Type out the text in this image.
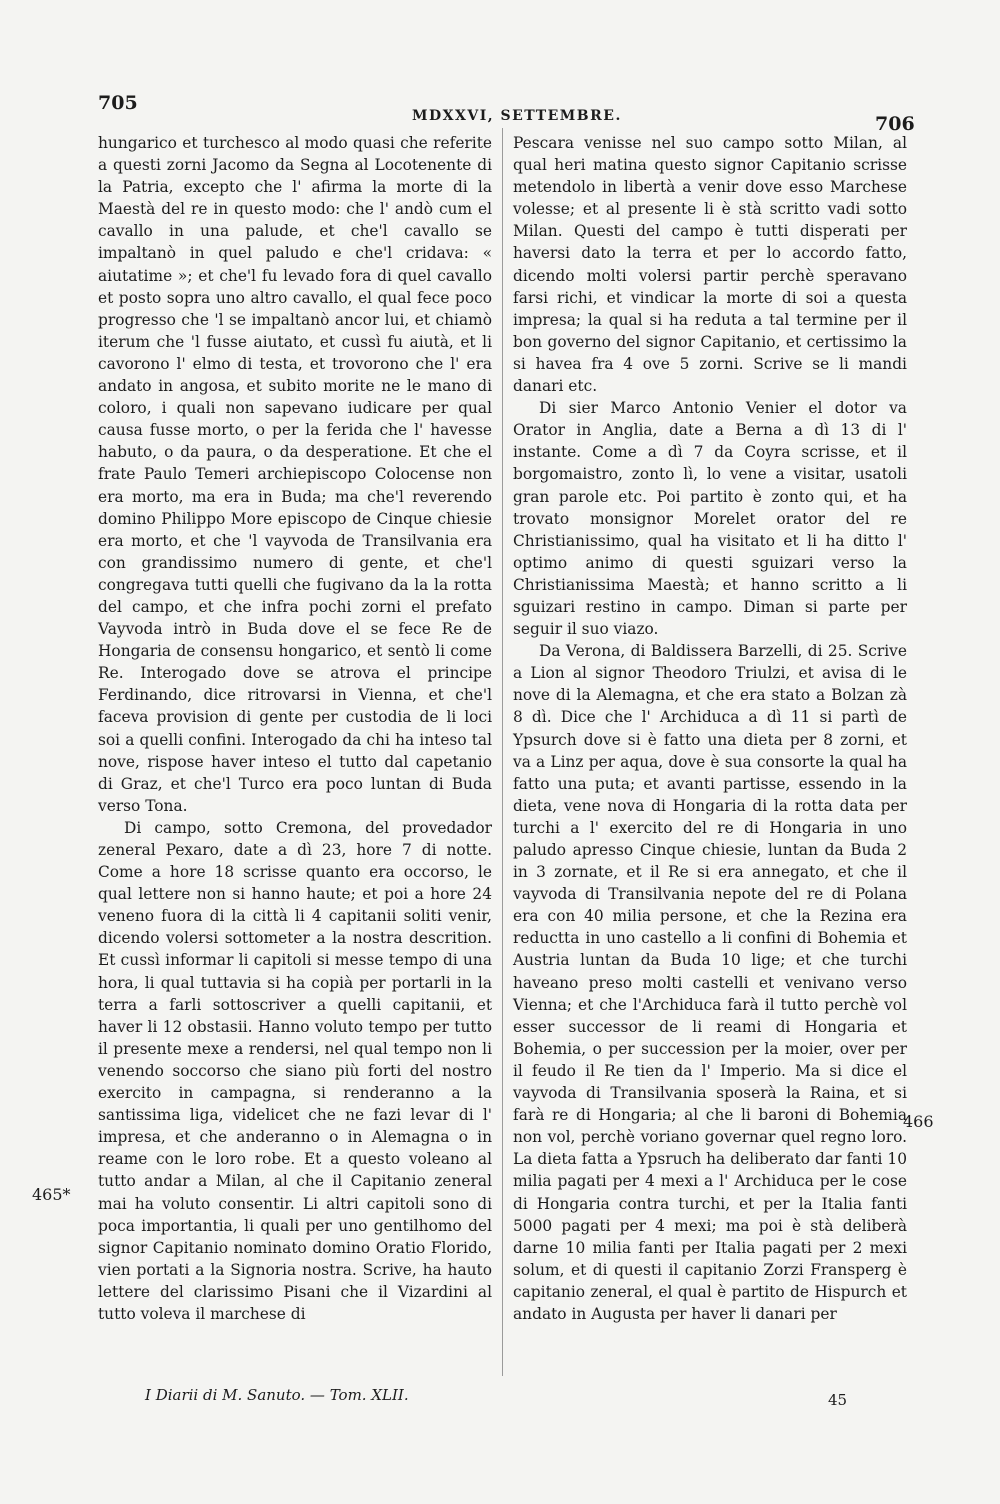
705
MDXXVI, SETTEMBRE.	706

hungarico et turchesco al modo quasi che referite a questi zorni Jacomo da Segna al Locotenente di la Patria, excepto che l' afirma la morte di la Maestà del re in questo modo: che l' andò cum el cavallo in una palude, et che'l cavallo se impaltanò in quel paludo e che'l cridava: « aiutatime »; et che'l fu levado fora di quel cavallo et posto sopra uno altro cavallo, el qual fece poco progresso che 'l se impaltanò ancor lui, et chiamò iterum che 'l fusse aiutato, et cussì fu aiutà, et li cavorono l' elmo di testa, et trovorono che l' era andato in angosa, et subito morite ne le mano di coloro, i quali non sapevano iudicare per qual causa fusse morto, o per la ferida che l' havesse habuto, o da paura, o da desperatione. Et che el frate Paulo Temeri archiepiscopo Colocense non era morto, ma era in Buda; ma che'l reverendo domino Philippo More episcopo de Cinque chiesie era morto, et che 'l vayvoda de Transilvania era con grandissimo numero di gente, et che'l congregava tutti quelli che fugivano da la la rotta del campo, et che infra pochi zorni el prefato Vayvoda intrò in Buda dove el se fece Re de Hongaria de consensu hongarico, et sentò li come Re. Interogado dove se atrova el principe Ferdinando, dice ritrovarsi in Vienna, et che'l faceva provision di gente per custodia de li loci soi a quelli confini. Interogado da chi ha inteso tal nove, rispose haver inteso el tutto dal capetanio di Graz, et che'l Turco era poco luntan di Buda verso Tona.

Di campo, sotto Cremona, del provedador zeneral Pexaro, date a dì 23, hore 7 di notte. Come a hore 18 scrisse quanto era occorso, le qual lettere non si hanno haute; et poi a hore 24 veneno fuora di la città li 4 capitanii soliti venir, dicendo volersi sottometer a la nostra descrition. Et cussì informar li capitoli si messe tempo di una hora, li qual tuttavia si ha copià per portarli in la terra a farli sottoscriver a quelli capitanii, et haver li 12 obstasii. Hanno voluto tempo per tutto il presente mexe a rendersi, nel qual tempo non li venendo soccorso che siano più forti del nostro exercito in campagna, si renderanno a la santissima liga, videlicet che ne fazi levar di l' impresa, et che anderanno o in Alemagna o in reame con le loro robe. Et a questo voleano al tutto andar a Milan, al che il Capitanio zeneral mai ha voluto consentir. Li altri capitoli sono di poca importantia, li quali per uno gentilhomo del signor Capitanio nominato domino Oratio Florido, vien portati a la Signoria nostra. Scrive, ha hauto lettere del clarissimo Pisani che il Vizardini al tutto voleva il marchese di

Pescara venisse nel suo campo sotto Milan, al qual heri matina questo signor Capitanio scrisse metendolo in libertà a venir dove esso Marchese volesse; et al presente li è stà scritto vadi sotto Milan. Questi del campo è tutti disperati per haversi dato la terra et per lo accordo fatto, dicendo molti volersi partir perchè speravano farsi richi, et vindicar la morte di soi a questa impresa; la qual si ha reduta a tal termine per il bon governo del signor Capitanio, et certissimo la si havea fra 4 ove 5 zorni. Scrive se li mandi danari etc.

Di sier Marco Antonio Venier el dotor va Orator in Anglia, date a Berna a dì 13 di l' instante. Come a dì 7 da Coyra scrisse, et il borgomaistro, zonto lì, lo vene a visitar, usatoli gran parole etc. Poi partito è zonto qui, et ha trovato monsignor Morelet orator del re Christianissimo, qual ha visitato et li ha ditto l' optimo animo di questi sguizari verso la Christianissima Maestà; et hanno scritto a li sguizari restino in campo. Diman si parte per seguir il suo viazo.

Da Verona, di Baldissera Barzelli, di 25. Scrive a Lion al signor Theodoro Triulzi, et avisa di le nove di la Alemagna, et che era stato a Bolzan zà 8 dì. Dice che l' Archiduca a dì 11 si partì de Ypsurch dove si è fatto una dieta per 8 zorni, et va a Linz per aqua, dove è sua consorte la qual ha fatto una puta; et avanti partisse, essendo in la dieta, vene nova di Hongaria di la rotta data per turchi a l' exercito del re di Hongaria in uno paludo apresso Cinque chiesie, luntan da Buda 2 in 3 zornate, et il Re si era annegato, et che il vayvoda di Transilvania nepote del re di Polana era con 40 milia persone, et che la Rezina era reductta in uno castello a li confini di Bohemia et Austria luntan da Buda 10 lige; et che turchi haveano preso molti castelli et venivano verso Vienna; et che l'Archiduca farà il tutto perchè vol esser successor de li reami di Hongaria et Bohemia, o per succession per la moier, over per il feudo il Re tien da l' Imperio. Ma si dice el vayvoda di Transilvania sposerà la Raina, et si farà re di Hongaria; al che li baroni di Bohemia non vol, perchè voriano governar quel regno loro. La dieta fatta a Ypsruch ha deliberato dar fanti 10 milia pagati per 4 mexi a l' Archiduca per le cose di Hongaria contra turchi, et per la Italia fanti 5000 pagati per 4 mexi; ma poi è stà deliberà darne 10 milia fanti per Italia pagati per 2 mexi solum, et di questi il capitanio Zorzi Fransperg è capitanio zeneral, el qual è partito de Hispurch et andato in Augusta per haver li danari per

465*
466
I Diarii di M. Sanuto. — Tom. XLII.	45
